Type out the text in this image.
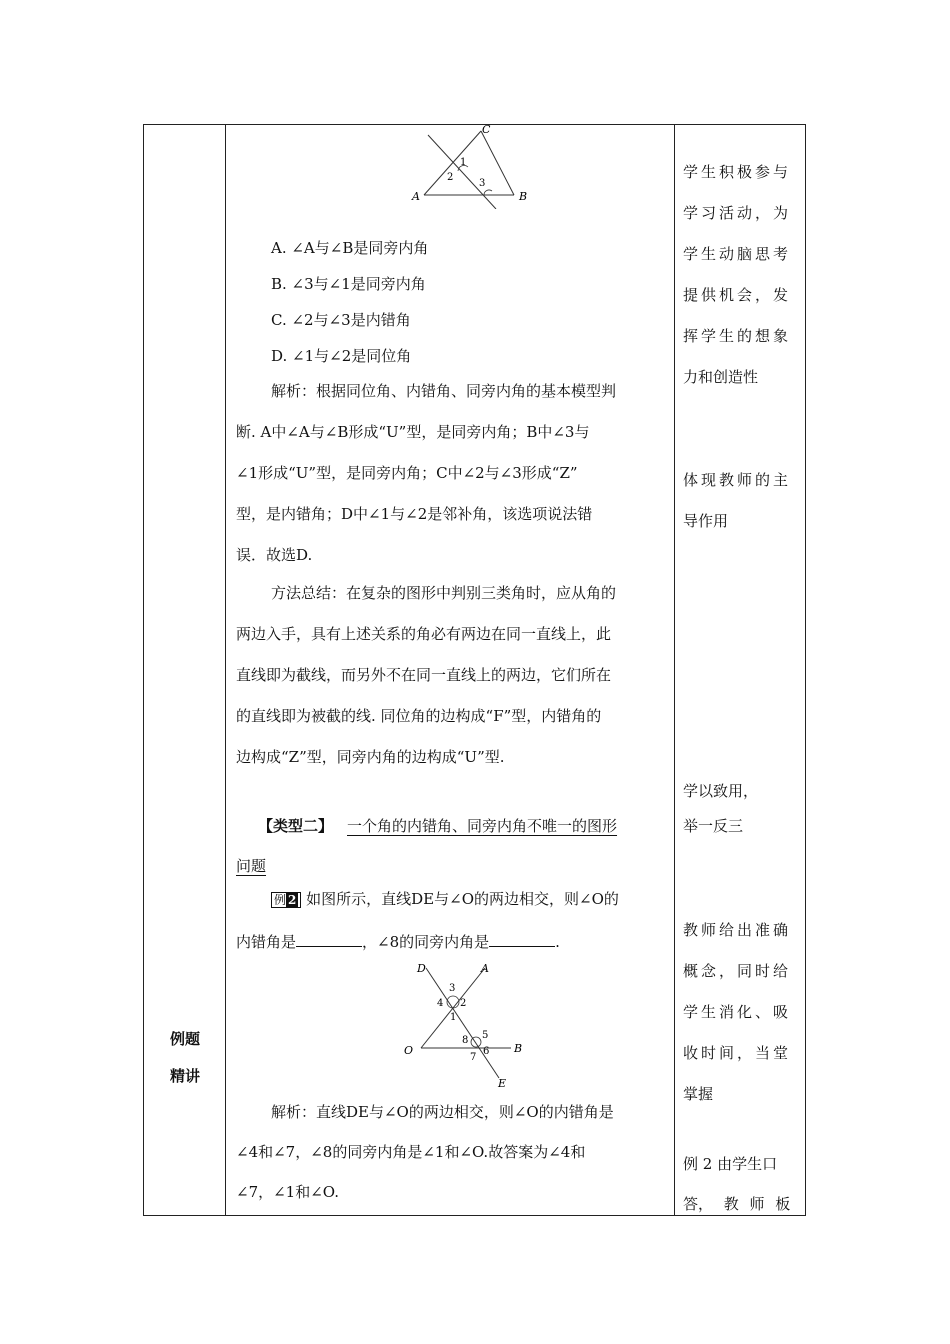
例题
精讲
C
A	B
1
2
3
A. ∠A与∠B是同旁内角
B. ∠3与∠1是同旁内角
C. ∠2与∠3是内错角
D. ∠1与∠2是同位角
解析：根据同位角、内错角、同旁内角的基本模型判
断. A中∠A与∠B形成“U”型，是同旁内角；B中∠3与
∠1形成“U”型，是同旁内角；C中∠2与∠3形成“Z”
型，是内错角；D中∠1与∠2是邻补角，该选项说法错
误．故选D.
方法总结：在复杂的图形中判别三类角时，应从角的
两边入手，具有上述关系的角必有两边在同一直线上，此
直线即为截线，而另外不在同一直线上的两边，它们所在
的直线即为被截的线. 同位角的边构成“F”型，内错角的
边构成“Z”型，同旁内角的边构成“U”型.
【类型二】 一个角的内错角、同旁内角不唯一的图形
问题
例 2 如图所示，直线DE与∠O的两边相交，则∠O的
内错角是	，∠8的同旁内角是	.
D	A
O	B
E
3
4 2
1
5
8
6
7
解析：直线DE与∠O的两边相交，则∠O的内错角是
∠4和∠7，∠8的同旁内角是∠1和∠O.故答案为∠4和
∠7，∠1和∠O.
学生积极参与
学习活动，为
学生动脑思考
提供机会，发
挥学生的想象
力和创造性
体现教师的主
导作用
学以致用，
举一反三
教师给出准确
概念，同时给
学生消化、吸
收时间，当堂
掌握
例 2 由学生口
答， 教 师 板
